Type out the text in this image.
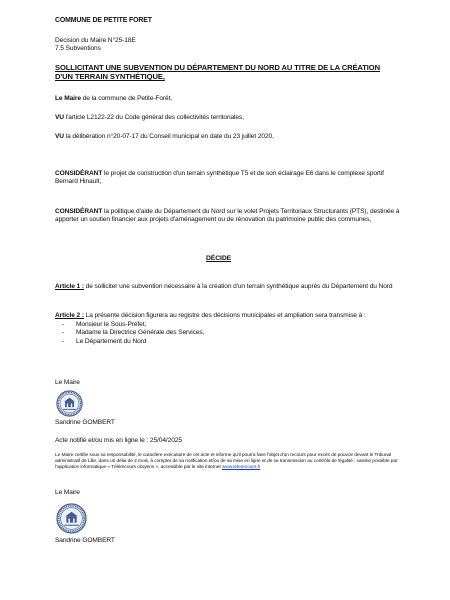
COMMUNE DE PETITE FORET
Décision du Maire N°25-18E
7.5 Subventions
SOLLICITANT UNE SUBVENTION DU DÉPARTEMENT DU NORD AU TITRE DE LA CRÉATION D'UN TERRAIN SYNTHÉTIQUE,
Le Maire de la commune de Petite-Forêt,
VU l'article L2122-22 du Code général des collectivités territoriales,
VU la délibération n°20-07-17 du Conseil municipal en date du 23 juillet 2020,
CONSIDÉRANT le projet de construction d'un terrain synthétique T5 et de son éclairage E6 dans le complexe sportif Bernard Hinault,
CONSIDÉRANT la politique d'aide du Département du Nord sur le volet Projets Territoriaux Structurants (PTS), destinée à apporter un soutien financier aux projets d'aménagement ou de rénovation du patrimoine public des communes,
DÉCIDE
Article 1 : de solliciter une subvention nécessaire à la création d'un terrain synthétique auprès du Département du Nord
Article 2 : La présente décision figurera au registre des décisions municipales et ampliation sera transmise à :
- Monsieur le Sous-Préfet,
- Madame la Directrice Générale des Services,
- Le Département du Nord
Le Maire
Sandrine GOMBERT
Acte notifié et/ou mis en ligne le : 25/04/2025
Le Maire certifie sous sa responsabilité, le caractère exécutoire de cet acte et informe qu'il pourra faire l'objet d'un recours pour excès de pouvoir devant le Tribunal administratif de Lille, dans un délai de 2 mois, à compter de sa notification et/ou de sa mise en ligne et de sa transmission au contrôle de légalité ; saisine possible par l'application informatique « Télérecours citoyens », accessible par le site internet www.telerecours.fr
Le Maire
Sandrine GOMBERT
